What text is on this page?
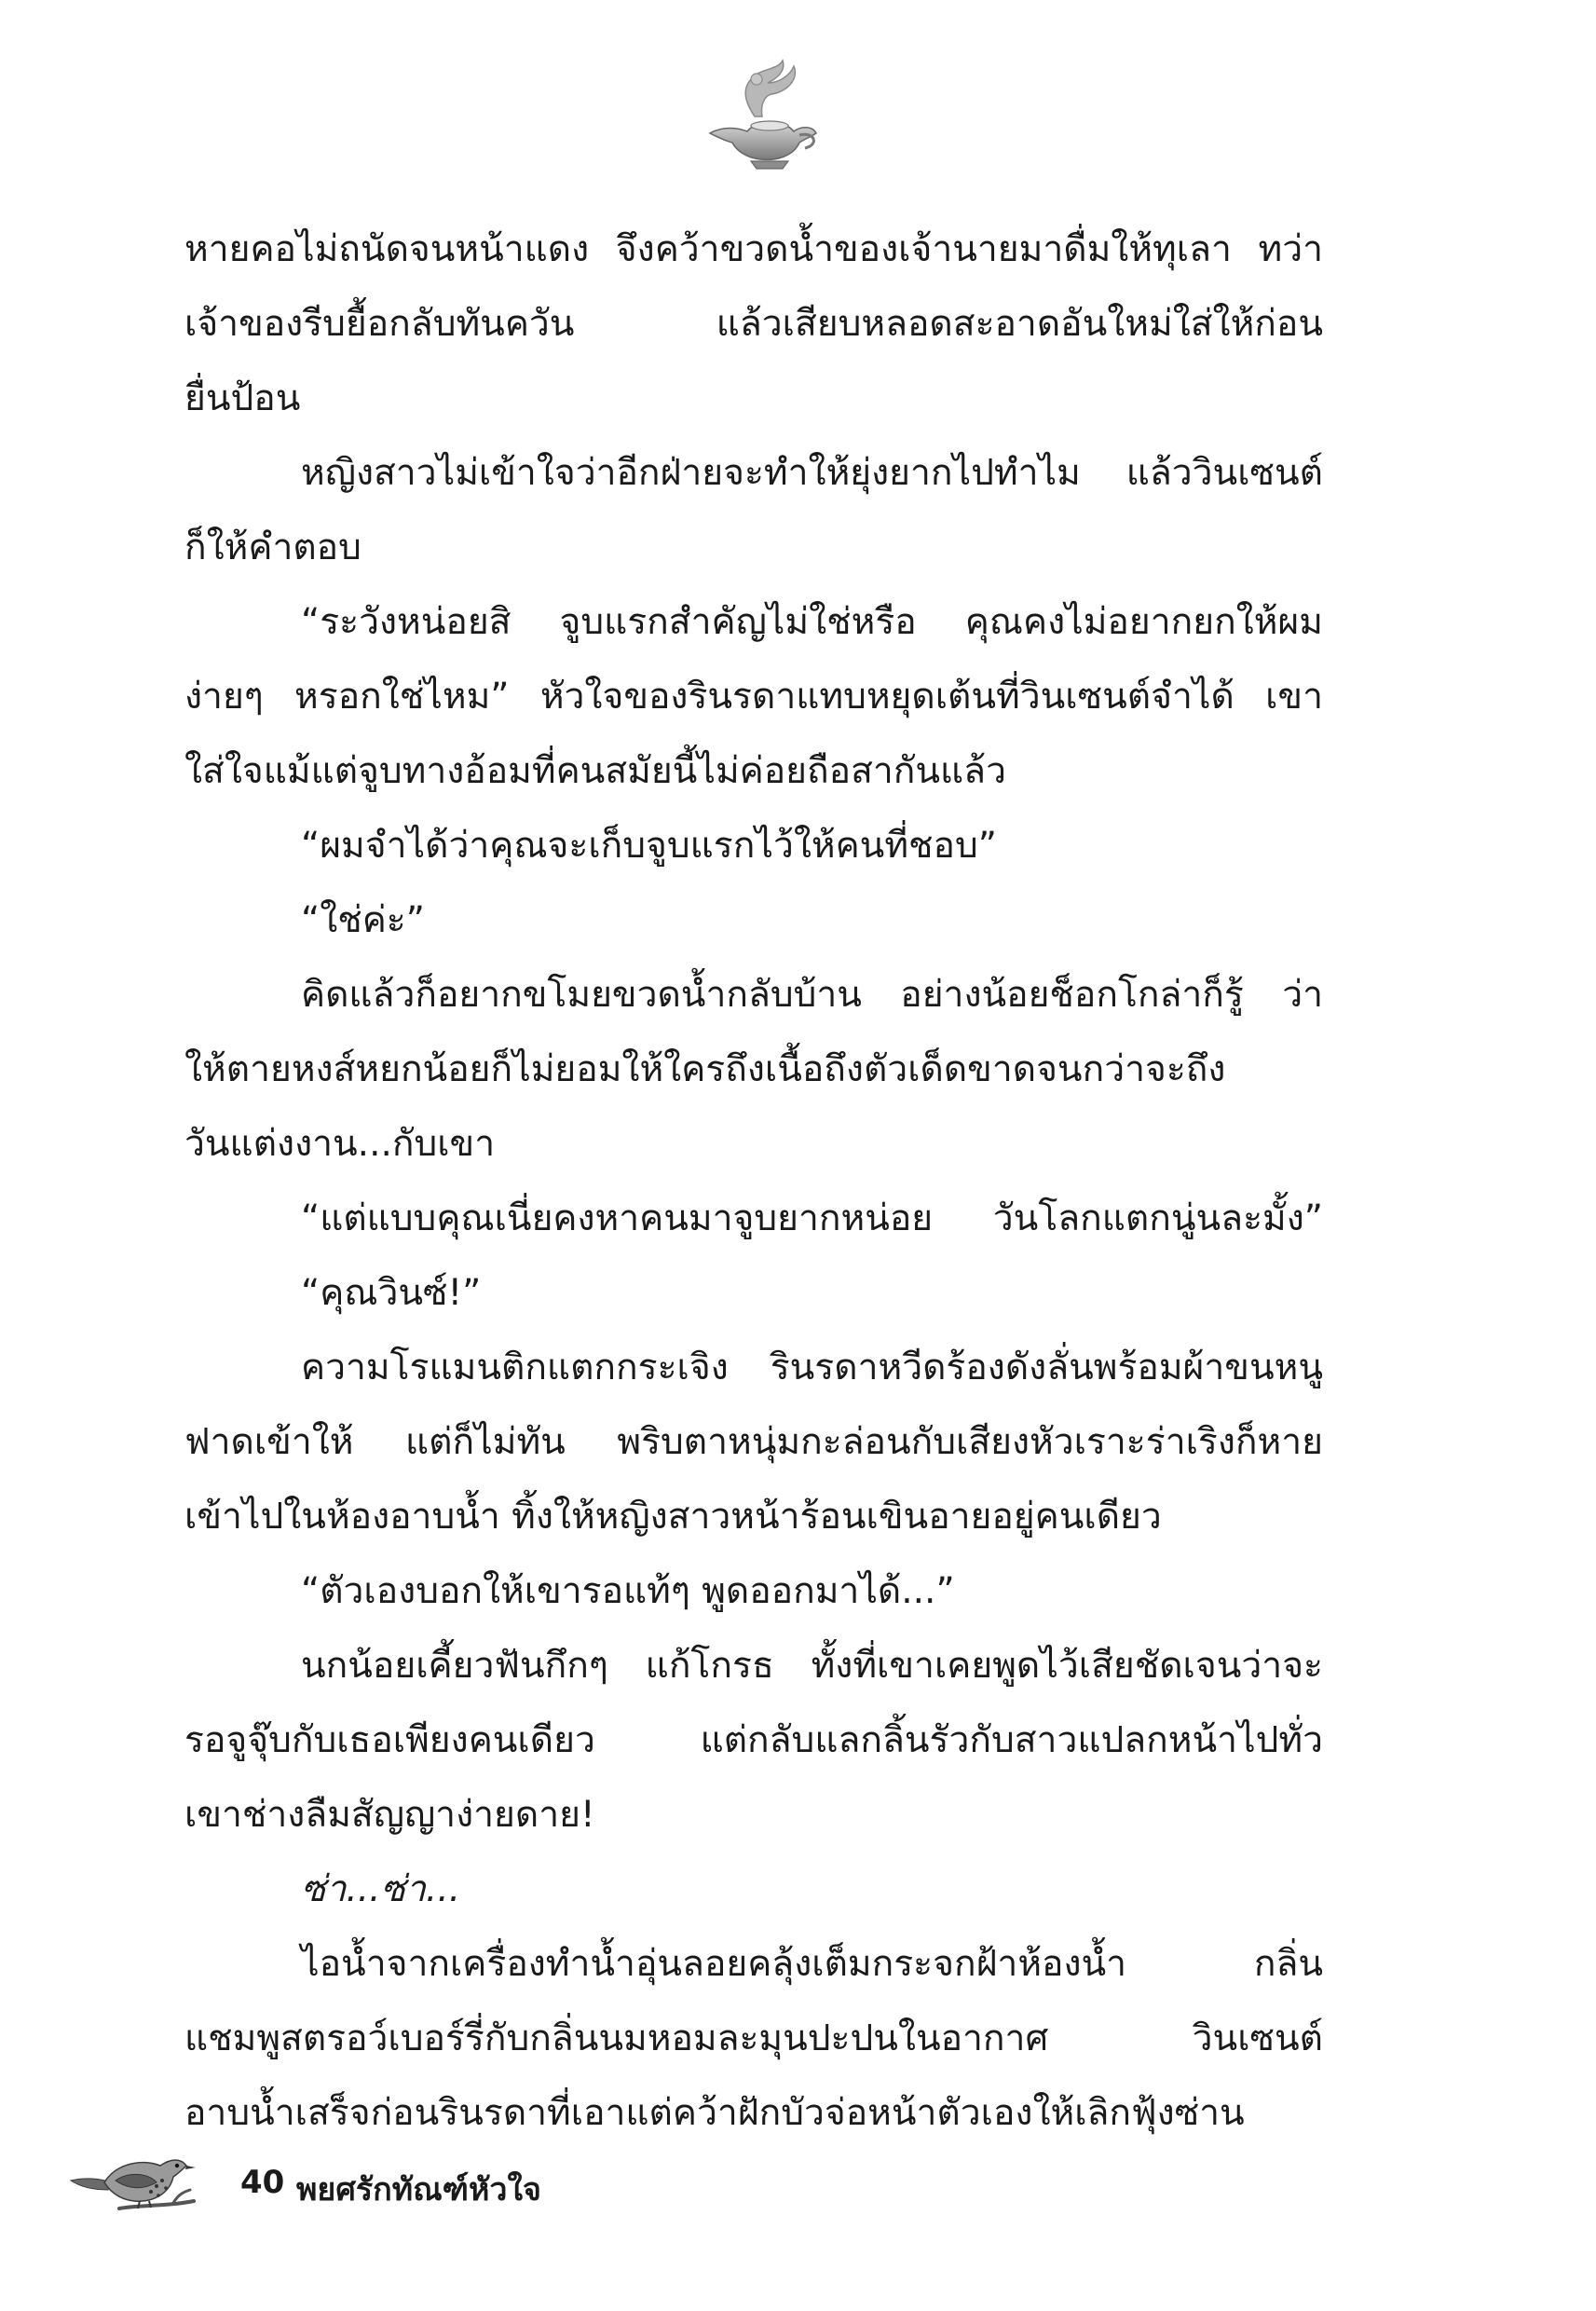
หายคอไม่ถนัดจนหน้าแดง จึงคว้าขวดน้ำของเจ้านายมาดื่มให้ทุเลา ทว่า
เจ้าของรีบยื้อกลับทันควัน แล้วเสียบหลอดสะอาดอันใหม่ใส่ให้ก่อน
ยื่นป้อน
หญิงสาวไม่เข้าใจว่าอีกฝ่ายจะทำให้ยุ่งยากไปทำไม แล้ววินเซนต์
ก็ให้คำตอบ
“ระวังหน่อยสิ จูบแรกสำคัญไม่ใช่หรือ คุณคงไม่อยากยกให้ผม
ง่ายๆ หรอกใช่ไหม” หัวใจของรินรดาแทบหยุดเต้นที่วินเซนต์จำได้ เขา
ใส่ใจแม้แต่จูบทางอ้อมที่คนสมัยนี้ไม่ค่อยถือสากันแล้ว
“ผมจำได้ว่าคุณจะเก็บจูบแรกไว้ให้คนที่ชอบ”
“ใช่ค่ะ”
คิดแล้วก็อยากขโมยขวดน้ำกลับบ้าน อย่างน้อยช็อกโกล่าก็รู้ ว่า
ให้ตายหงส์หยกน้อยก็ไม่ยอมให้ใครถึงเนื้อถึงตัวเด็ดขาดจนกว่าจะถึง
วันแต่งงาน...กับเขา
“แต่แบบคุณเนี่ยคงหาคนมาจูบยากหน่อย วันโลกแตกนู่นละมั้ง”
“คุณวินซ์!”
ความโรแมนติกแตกกระเจิง รินรดาหวีดร้องดังลั่นพร้อมผ้าขนหนู
ฟาดเข้าให้ แต่ก็ไม่ทัน พริบตาหนุ่มกะล่อนกับเสียงหัวเราะร่าเริงก็หาย
เข้าไปในห้องอาบน้ำ ทิ้งให้หญิงสาวหน้าร้อนเขินอายอยู่คนเดียว
“ตัวเองบอกให้เขารอแท้ๆ พูดออกมาได้...”
นกน้อยเคี้ยวฟันกึกๆ แก้โกรธ ทั้งที่เขาเคยพูดไว้เสียชัดเจนว่าจะ
รอจูจุ๊บกับเธอเพียงคนเดียว แต่กลับแลกลิ้นรัวกับสาวแปลกหน้าไปทั่ว
เขาช่างลืมสัญญาง่ายดาย!
ซ่า...ซ่า...
ไอน้ำจากเครื่องทำน้ำอุ่นลอยคลุ้งเต็มกระจกฝ้าห้องน้ำ กลิ่น
แชมพูสตรอว์เบอร์รี่กับกลิ่นนมหอมละมุนปะปนในอากาศ วินเซนต์
อาบน้ำเสร็จก่อนรินรดาที่เอาแต่คว้าฝักบัวจ่อหน้าตัวเองให้เลิกฟุ้งซ่าน
40 พยศรักทัณฑ์หัวใจ
